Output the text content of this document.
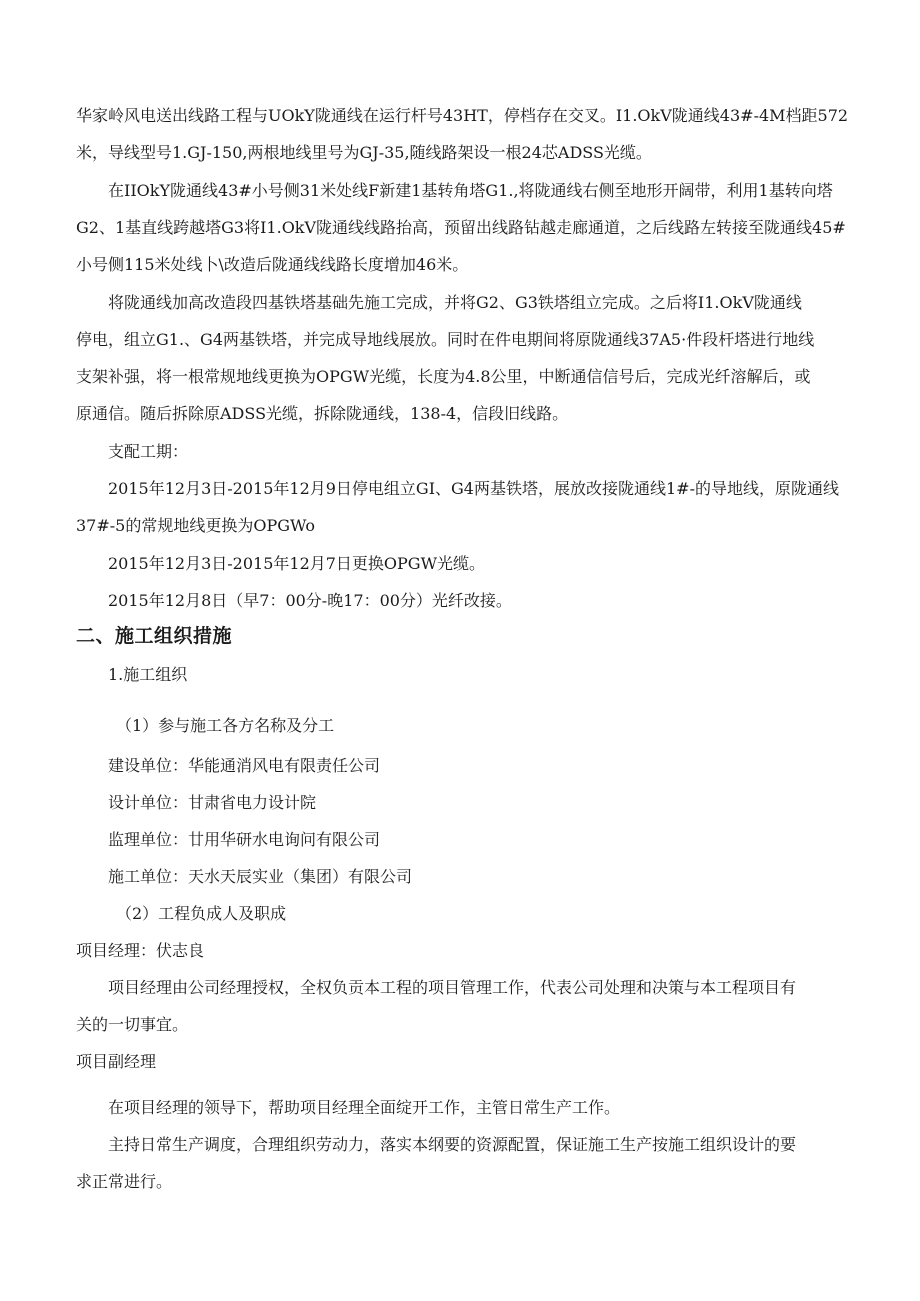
华家岭风电送出线路工程与UOkY陇通线在运行杆号43HT，停档存在交叉。I1.OkV陇通线43#-4M档距572
米，导线型号1.GJ-150,两根地线里号为GJ-35,随线路架设一根24芯ADSS光缆。
在IIOkY陇通线43#小号侧31米处线F新建1基转角塔G1.,将陇通线右侧至地形开阔带，利用1基转向塔
G2、1基直线跨越塔G3将I1.OkV陇通线线路抬高，预留出线路钻越走廊通道，之后线路左转接至陇通线45#
小号侧115米处线卜\改造后陇通线线路长度增加46米。
将陇通线加高改造段四基铁塔基础先施工完成，并将G2、G3铁塔组立完成。之后将I1.OkV陇通线
停电，组立G1.、G4两基铁塔，并完成导地线展放。同时在件电期间将原陇通线37A5·件段杆塔进行地线
支架补强，将一根常规地线更换为OPGW光缆，长度为4.8公里，中断通信信号后，完成光纤溶解后，或
原通信。随后拆除原ADSS光缆，拆除陇通线，138-4，信段旧线路。
支配工期：
2015年12月3日-2015年12月9日停电组立GI、G4两基铁塔，展放改接陇通线1#-的导地线，原陇通线
37#-5的常规地线更换为OPGWo
2015年12月3日-2015年12月7日更换OPGW光缆。
2015年12月8日（早7：00分-晚17：00分）光纤改接。
二、施工组织措施
1.施工组织
（1）参与施工各方名称及分工
建设单位：华能通消风电有限责任公司
设计单位：甘肃省电力设计院
监理单位：廿用华研水电询问有限公司
施工单位：天水天辰实业（集团）有限公司
（2）工程负成人及职成
项目经理：伏志良
项目经理由公司经理授权，全权负贡本工程的项目管理工作，代表公司处理和决策与本工程项目有
关的一切事宜。
项目副经理
在项目经理的领导下，帮助项目经理全面绽开工作，主管日常生产工作。
主持日常生产调度，合理组织劳动力，落实本纲要的资源配置，保证施工生产按施工组织设计的要
求正常进行。
